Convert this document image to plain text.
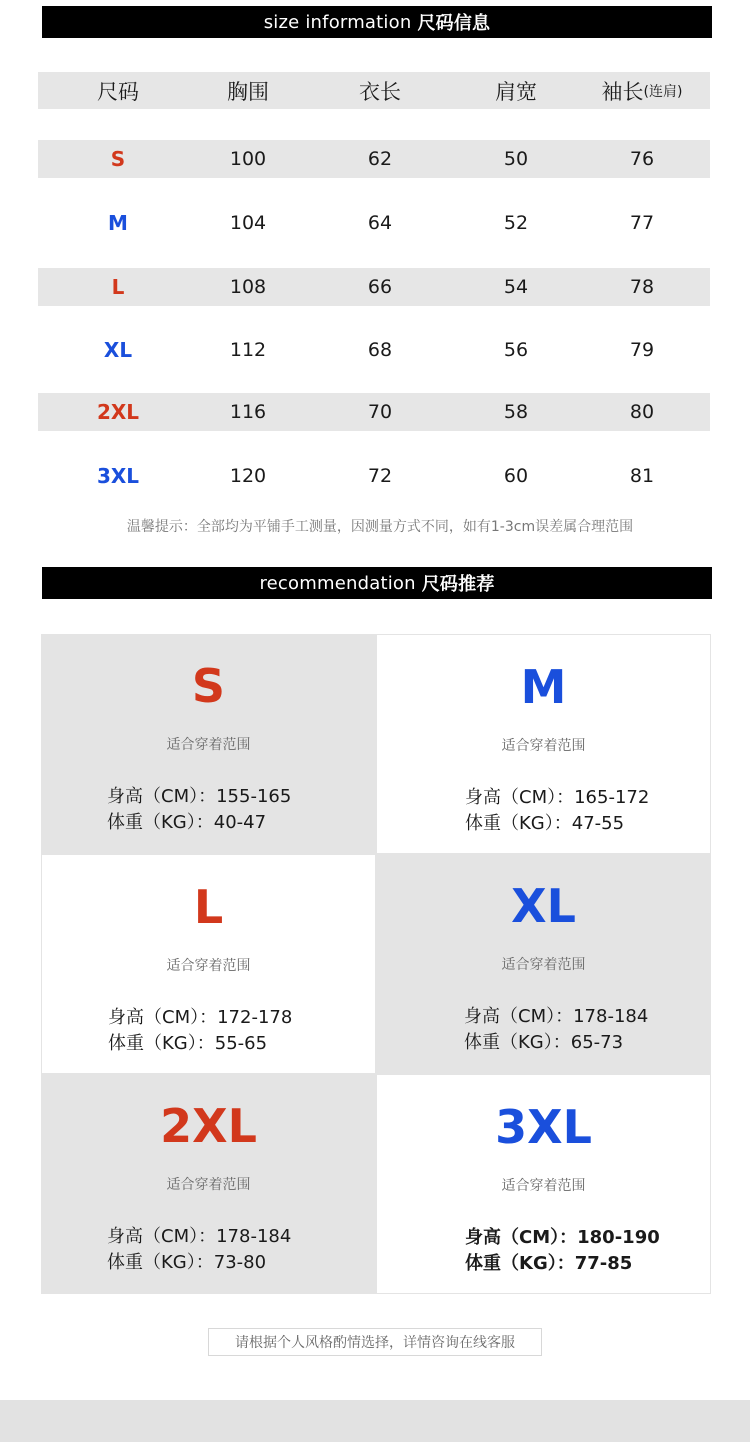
size information 尺码信息
尺码	胸围	衣长	肩宽	袖长 (连肩)
S	100	62	50	76
M	104	64	52	77
L	108	66	54	78
XL	112	68	56	79
2XL	116	70	58	80
3XL	120	72	60	81
温馨提示：全部均为平铺手工测量，因测量方式不同，如有1-3cm误差属合理范围
recommendation 尺码推荐
S
适合穿着范围
身高（CM）：155-165
体重（KG）：40-47
M
适合穿着范围
身高（CM）：165-172
体重（KG）：47-55
L
适合穿着范围
身高（CM）：172-178
体重（KG）：55-65
XL
适合穿着范围
身高（CM）：178-184
体重（KG）：65-73
2XL
适合穿着范围
身高（CM）：178-184
体重（KG）：73-80
3XL
适合穿着范围
身高（CM）：180-190
体重（KG）：77-85
请根据个人风格酌情选择，详情咨询在线客服
